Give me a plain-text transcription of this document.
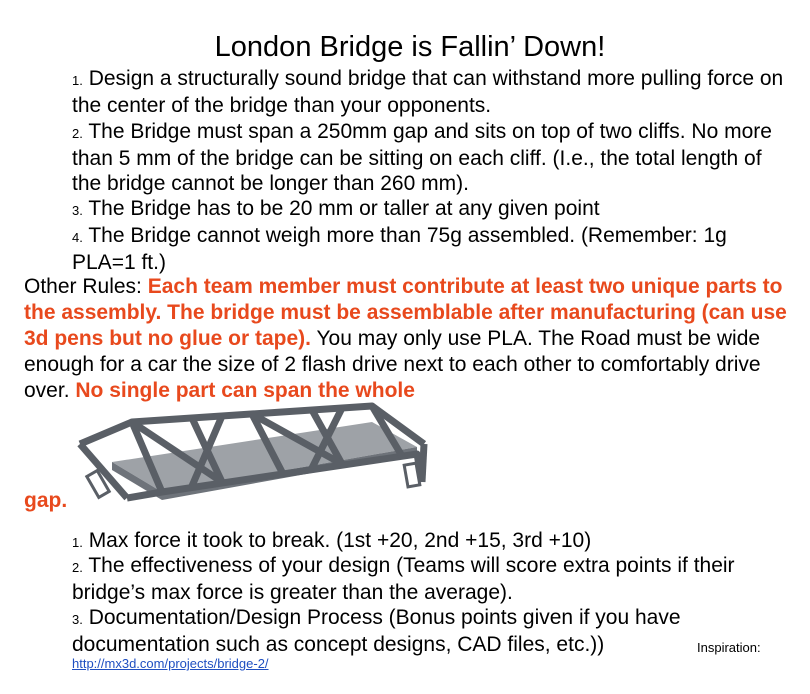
London Bridge is Fallin’ Down!
1. Design a structurally sound bridge that can withstand more pulling force on the center of the bridge than your opponents.
2. The Bridge must span a 250mm gap and sits on top of two cliffs. No more than 5 mm of the bridge can be sitting on each cliff. (I.e., the total length of the bridge cannot be longer than 260 mm).
3. The Bridge has to be 20 mm or taller at any given point
4. The Bridge cannot weigh more than 75g assembled. (Remember: 1g PLA=1 ft.)
Other Rules: Each team member must contribute at least two unique parts to the assembly. The bridge must be assemblable after manufacturing (can use 3d pens but no glue or tape). You may only use PLA. The Road must be wide enough for a car the size of 2 flash drive next to each other to comfortably drive over. No single part can span the whole
gap.
1. Max force it took to break. (1st +20, 2nd +15, 3rd +10)
2. The effectiveness of your design (Teams will score extra points if their bridge’s max force is greater than the average).
3. Documentation/Design Process (Bonus points given if you have documentation such as concept designs, CAD files, etc.))	Inspiration:
http://mx3d.com/projects/bridge-2/
